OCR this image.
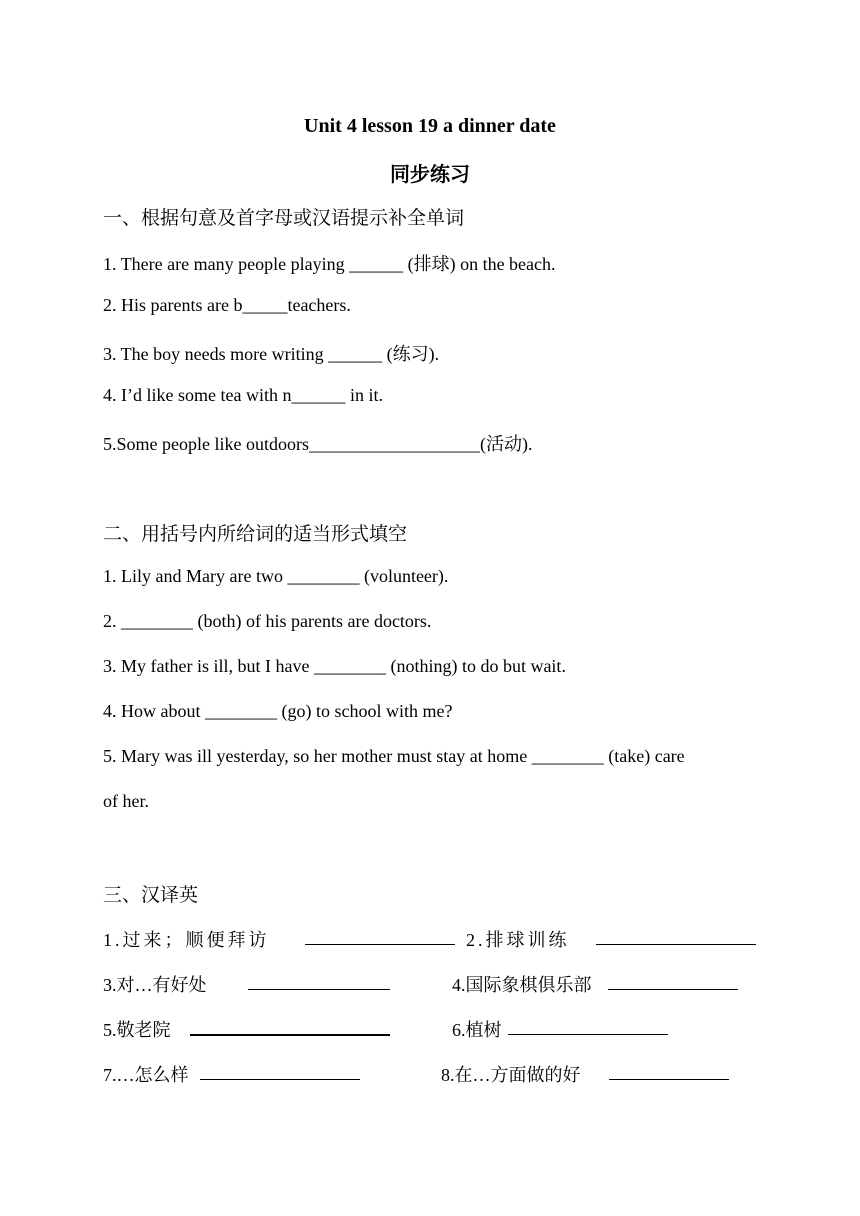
Unit 4 lesson 19 a dinner date
同步练习
一、根据句意及首字母或汉语提示补全单词
1. There are many people playing ______ (排球) on the beach.
2. His parents are b_____teachers.
3. The boy needs more writing ______ (练习).
4. I’d like some tea with n______ in it.
5.Some people like outdoors___________________(活动).
二、用括号内所给词的适当形式填空
1. Lily and Mary are two ________ (volunteer).
2. ________ (both) of his parents are doctors.
3. My father is ill, but I have ________ (nothing) to do but wait.
4. How about ________ (go) to school with me?
5. Mary was ill yesterday, so her mother must stay at home ________ (take) care
of her.
三、汉译英
1.过来；顺便拜访	2.排球训练
3.对…有好处	4.国际象棋俱乐部
5.敬老院	6.植树
7.…怎么样	8.在…方面做的好
